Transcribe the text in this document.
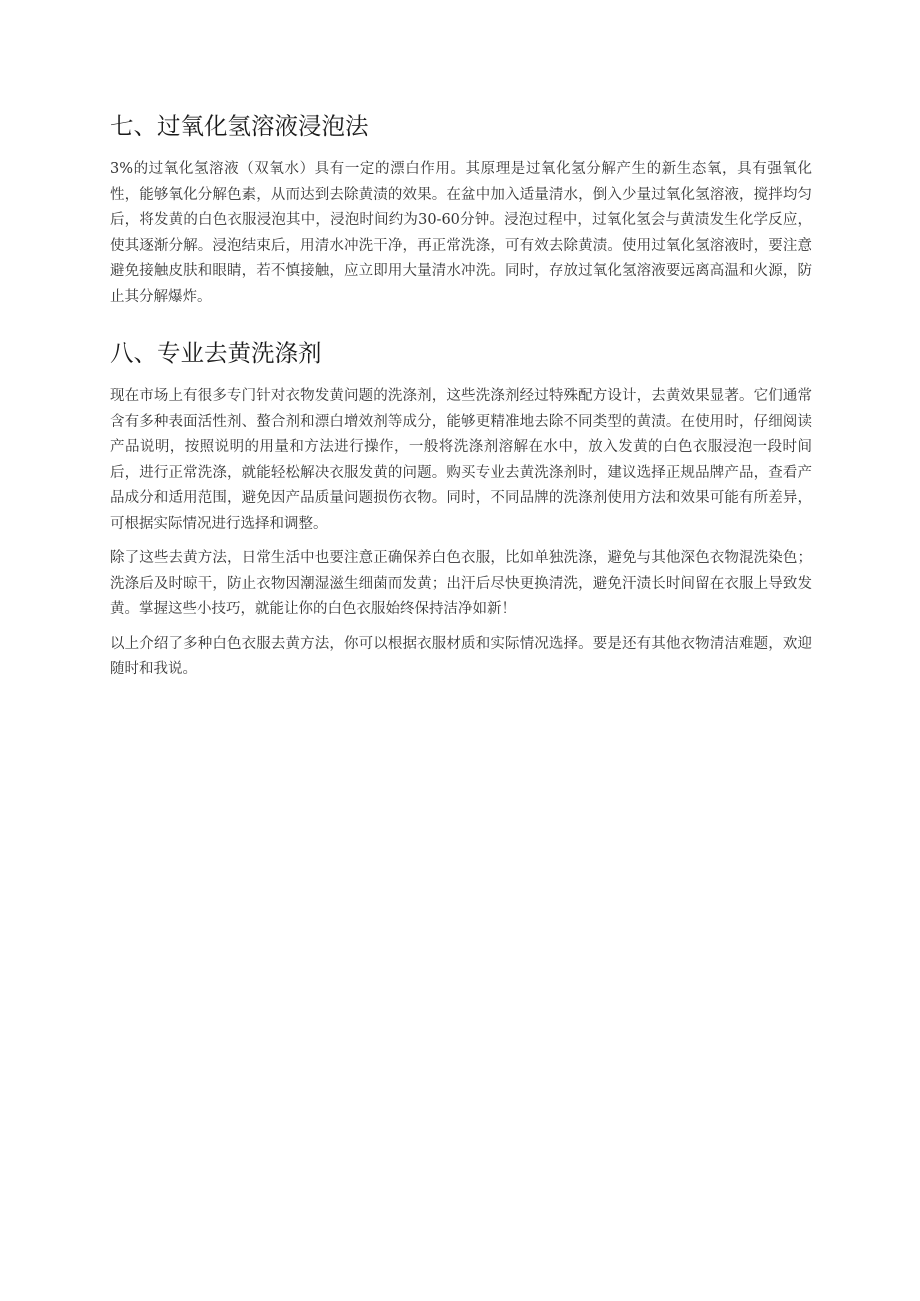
七、过氧化氢溶液浸泡法

3%的过氧化氢溶液（双氧水）具有一定的漂白作用。其原理是过氧化氢分解产生的新生态氧，具有强氧化性，能够氧化分解色素，从而达到去除黄渍的效果。在盆中加入适量清水，倒入少量过氧化氢溶液，搅拌均匀后，将发黄的白色衣服浸泡其中，浸泡时间约为30-60分钟。浸泡过程中，过氧化氢会与黄渍发生化学反应，使其逐渐分解。浸泡结束后，用清水冲洗干净，再正常洗涤，可有效去除黄渍。使用过氧化氢溶液时，要注意避免接触皮肤和眼睛，若不慎接触，应立即用大量清水冲洗。同时，存放过氧化氢溶液要远离高温和火源，防止其分解爆炸。

八、专业去黄洗涤剂

现在市场上有很多专门针对衣物发黄问题的洗涤剂，这些洗涤剂经过特殊配方设计，去黄效果显著。它们通常含有多种表面活性剂、螯合剂和漂白增效剂等成分，能够更精准地去除不同类型的黄渍。在使用时，仔细阅读产品说明，按照说明的用量和方法进行操作，一般将洗涤剂溶解在水中，放入发黄的白色衣服浸泡一段时间后，进行正常洗涤，就能轻松解决衣服发黄的问题。购买专业去黄洗涤剂时，建议选择正规品牌产品，查看产品成分和适用范围，避免因产品质量问题损伤衣物。同时，不同品牌的洗涤剂使用方法和效果可能有所差异，可根据实际情况进行选择和调整。

除了这些去黄方法，日常生活中也要注意正确保养白色衣服，比如单独洗涤，避免与其他深色衣物混洗染色；洗涤后及时晾干，防止衣物因潮湿滋生细菌而发黄；出汗后尽快更换清洗，避免汗渍长时间留在衣服上导致发黄。掌握这些小技巧，就能让你的白色衣服始终保持洁净如新！

以上介绍了多种白色衣服去黄方法，你可以根据衣服材质和实际情况选择。要是还有其他衣物清洁难题，欢迎随时和我说。
